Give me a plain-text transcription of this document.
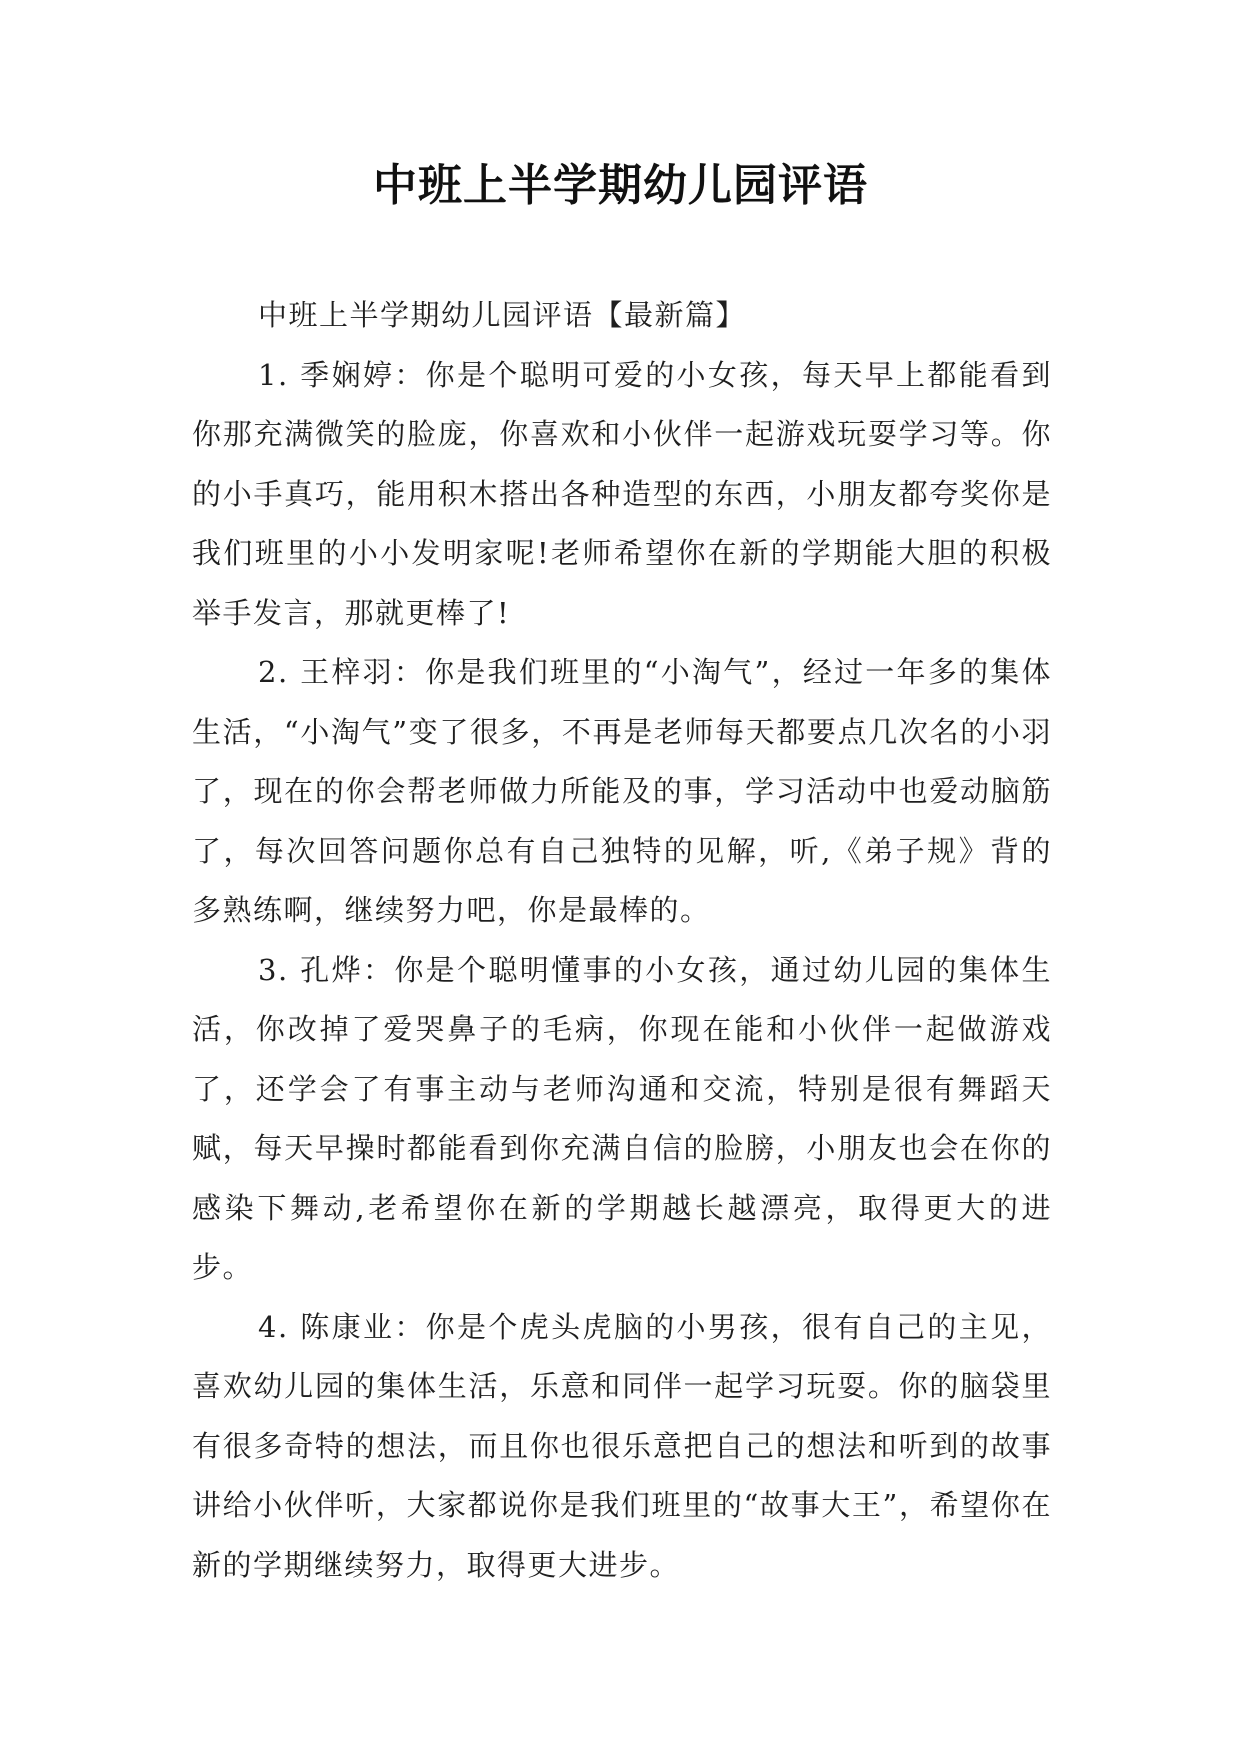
中班上半学期幼儿园评语

中班上半学期幼儿园评语【最新篇】

1. 季娴婷：你是个聪明可爱的小女孩，每天早上都能看到你那充满微笑的脸庞，你喜欢和小伙伴一起游戏玩耍学习等。你的小手真巧，能用积木搭出各种造型的东西，小朋友都夸奖你是我们班里的小小发明家呢!老师希望你在新的学期能大胆的积极举手发言，那就更棒了!

2. 王梓羽：你是我们班里的“小淘气”，经过一年多的集体生活，“小淘气”变了很多，不再是老师每天都要点几次名的小羽了，现在的你会帮老师做力所能及的事，学习活动中也爱动脑筋了，每次回答问题你总有自己独特的见解，听,《弟子规》背的多熟练啊，继续努力吧，你是最棒的。

3. 孔烨：你是个聪明懂事的小女孩，通过幼儿园的集体生活，你改掉了爱哭鼻子的毛病，你现在能和小伙伴一起做游戏了，还学会了有事主动与老师沟通和交流，特别是很有舞蹈天赋，每天早操时都能看到你充满自信的脸膀，小朋友也会在你的感染下舞动,老希望你在新的学期越长越漂亮，取得更大的进步。

4. 陈康业：你是个虎头虎脑的小男孩，很有自己的主见，喜欢幼儿园的集体生活，乐意和同伴一起学习玩耍。你的脑袋里有很多奇特的想法，而且你也很乐意把自己的想法和听到的故事讲给小伙伴听，大家都说你是我们班里的“故事大王”，希望你在新的学期继续努力，取得更大进步。
